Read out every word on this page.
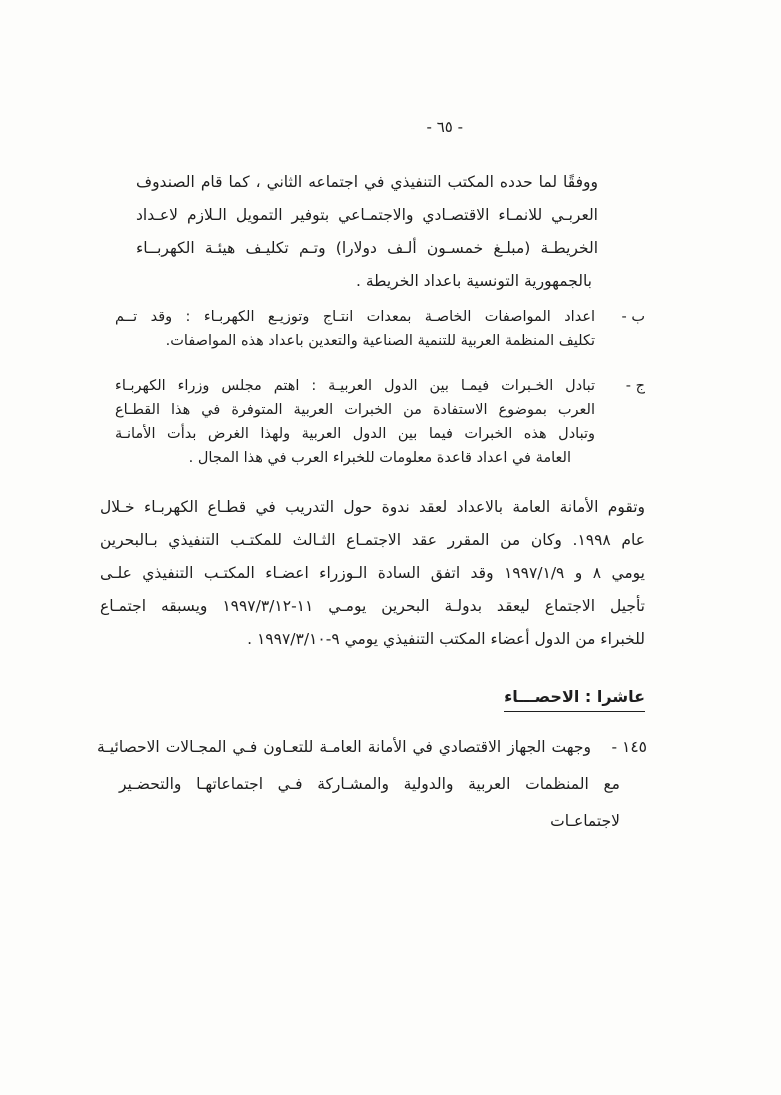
- ٦٥ -
ووفقًا لما حدده المكتب التنفيذي في اجتماعه الثاني ، كما قام الصندوف
العربـي للانمـاء الاقتصـادي والاجتمـاعي بتوفير التمويل الـلازم لاعـداد
الخريطـة (مبلـغ خمسـون ألـف دولارا) وتـم تكليـف هيئـة الكهربــاء
بالجمهورية التونسية باعداد الخريطة .
ب -
اعداد المواصفات الخاصـة بمعدات انتـاج وتوزيـع الكهربـاء : وقد تــم
تكليف المنظمة العربية للتنمية الصناعية والتعدين باعداد هذه المواصفات.
ج -
تبادل الخـبرات فيمـا بين الدول العربيـة : اهتم مجلس وزراء الكهربـاء
العرب بموضوع الاستفادة من الخبرات العربية المتوفرة في هذا القطـاع
وتبادل هذه الخبرات فيما بين الدول العربية ولهذا الغرض بدأت الأمانـة
العامة في اعداد قاعدة معلومات للخبراء العرب في هذا المجال .
وتقوم الأمانة العامة بالاعداد لعقد ندوة حول التدريب في قطـاع الكهربـاء خـلال
عام ١٩٩٨. وكان من المقرر عقد الاجتمـاع الثـالث للمكتـب التنفيذي بـالبحرين
يومي ٨ و ١٩٩٧/١/٩ وقد اتفق السادة الـوزراء اعضـاء المكتـب التنفيذي علـى
تأجيل الاجتماع ليعقد بدولـة البحرين يومـي ١١-١٩٩٧/٣/١٢ ويسبقه اجتمـاع
للخبراء من الدول أعضاء المكتب التنفيذي يومي ٩-١٩٩٧/٣/١٠ .
عاشرا : الاحصـــاء
١٤٥ -
وجهت الجهاز الاقتصادي في الأمانة العامـة للتعـاون فـي المجـالات الاحصائيـة
مع المنظمات العربية والدولية والمشـاركة فـي اجتماعاتهـا والتحضـير لاجتماعـات
